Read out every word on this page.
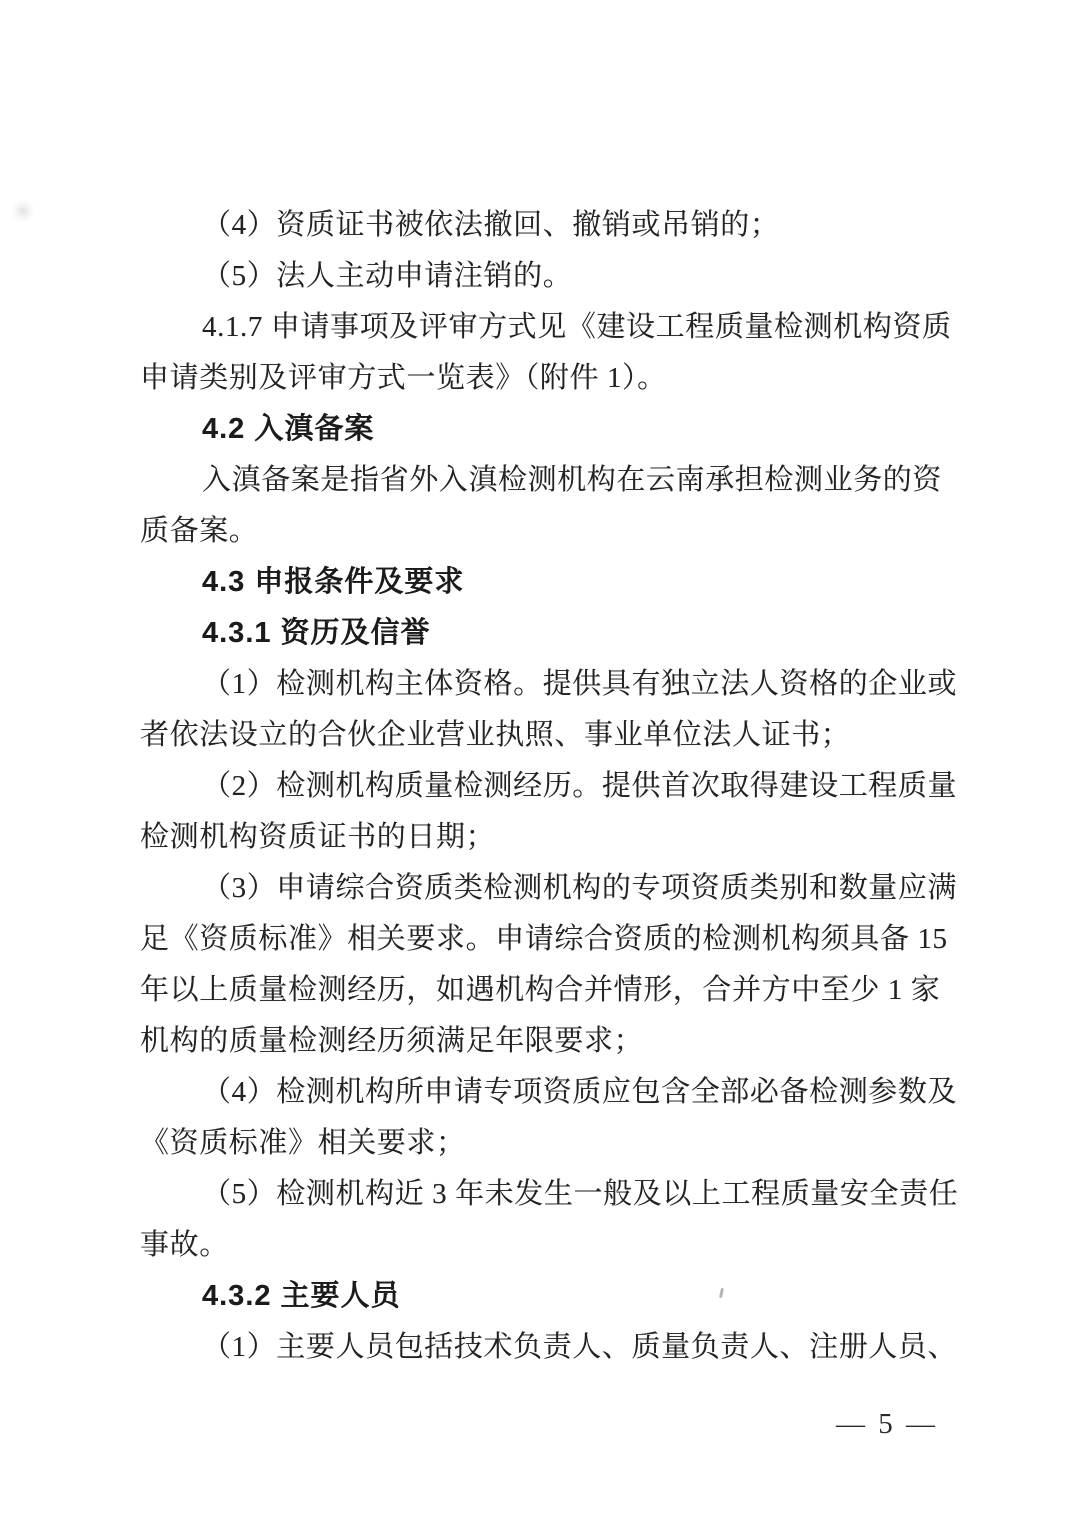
（4）资质证书被依法撤回、撤销或吊销的；

（5）法人主动申请注销的。

4.1.7 申请事项及评审方式见《建设工程质量检测机构资质

申请类别及评审方式一览表》（附件 1）。

4.2 入滇备案

入滇备案是指省外入滇检测机构在云南承担检测业务的资

质备案。

4.3 申报条件及要求

4.3.1 资历及信誉

（1）检测机构主体资格。提供具有独立法人资格的企业或

者依法设立的合伙企业营业执照、事业单位法人证书；

（2）检测机构质量检测经历。提供首次取得建设工程质量

检测机构资质证书的日期；

（3）申请综合资质类检测机构的专项资质类别和数量应满

足《资质标准》相关要求。申请综合资质的检测机构须具备 15

年以上质量检测经历，如遇机构合并情形，合并方中至少 1 家

机构的质量检测经历须满足年限要求；

（4）检测机构所申请专项资质应包含全部必备检测参数及

《资质标准》相关要求；

（5）检测机构近 3 年未发生一般及以上工程质量安全责任

事故。

4.3.2 主要人员

（1）主要人员包括技术负责人、质量负责人、注册人员、

— 5 —
